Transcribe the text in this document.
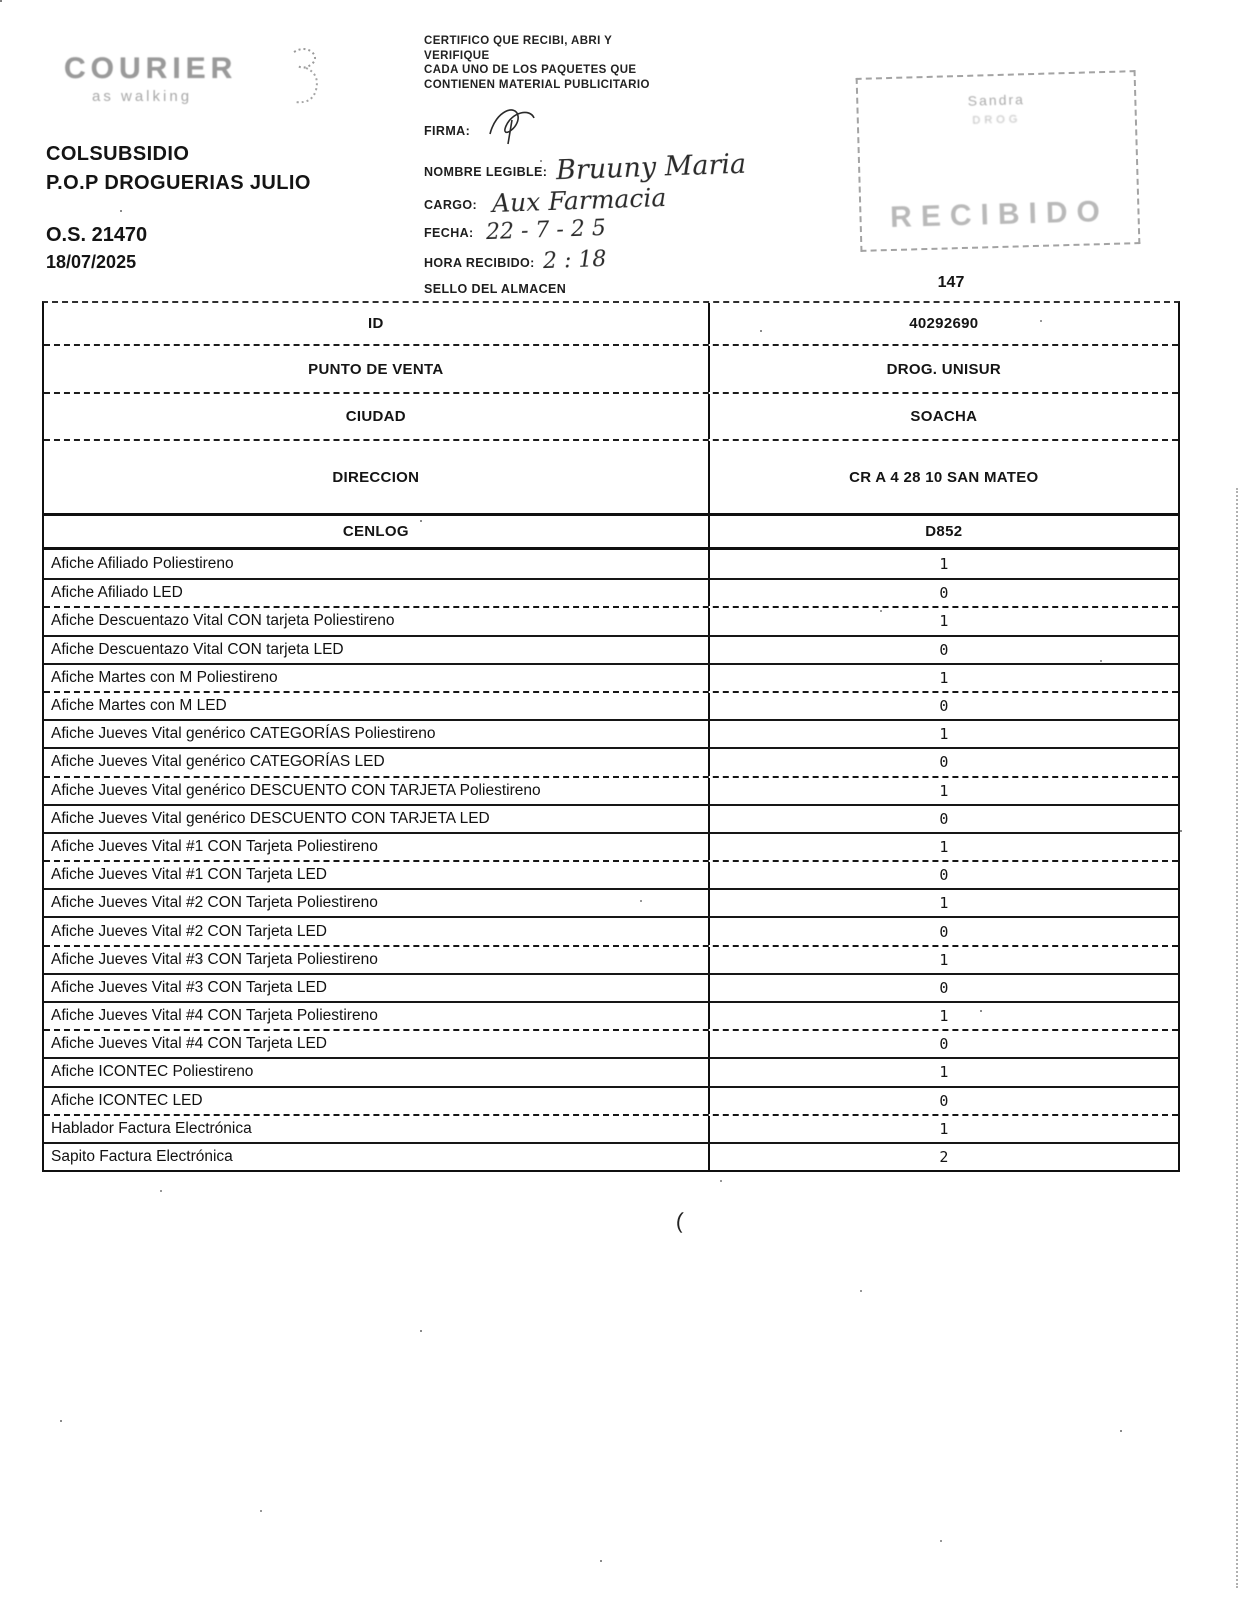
COURIER
as walking
COLSUBSIDIO
P.O.P DROGUERIAS JULIO
O.S. 21470
18/07/2025
CERTIFICO QUE RECIBI, ABRI Y
VERIFIQUE
CADA UNO DE LOS PAQUETES QUE
CONTIENEN MATERIAL PUBLICITARIO
FIRMA:
NOMBRE LEGIBLE: Bruuny Maria
CARGO: Aux Farmacia
FECHA: 22 - 7 - 2 5
HORA RECIBIDO: 2 : 18
SELLO DEL ALMACEN
Sandra
DROG
RECIBIDO
147
ID	40292690
PUNTO DE VENTA	DROG. UNISUR
CIUDAD	SOACHA
DIRECCION	CR A 4 28 10 SAN MATEO
CENLOG	D852
Afiche Afiliado Poliestireno	1
Afiche Afiliado LED	0
Afiche Descuentazo Vital CON tarjeta Poliestireno	1
Afiche Descuentazo Vital CON tarjeta LED	0
Afiche Martes con M Poliestireno	1
Afiche Martes con M LED	0
Afiche Jueves Vital genérico CATEGORÍAS Poliestireno	1
Afiche Jueves Vital genérico CATEGORÍAS LED	0
Afiche Jueves Vital genérico DESCUENTO CON TARJETA Poliestireno	1
Afiche Jueves Vital genérico DESCUENTO CON TARJETA LED	0
Afiche Jueves Vital #1 CON Tarjeta Poliestireno	1
Afiche Jueves Vital #1 CON Tarjeta LED	0
Afiche Jueves Vital #2 CON Tarjeta Poliestireno	1
Afiche Jueves Vital #2 CON Tarjeta LED	0
Afiche Jueves Vital #3 CON Tarjeta Poliestireno	1
Afiche Jueves Vital #3 CON Tarjeta LED	0
Afiche Jueves Vital #4 CON Tarjeta Poliestireno	1
Afiche Jueves Vital #4 CON Tarjeta LED	0
Afiche ICONTEC Poliestireno	1
Afiche ICONTEC LED	0
Hablador Factura Electrónica	1
Sapito Factura Electrónica	2
(
